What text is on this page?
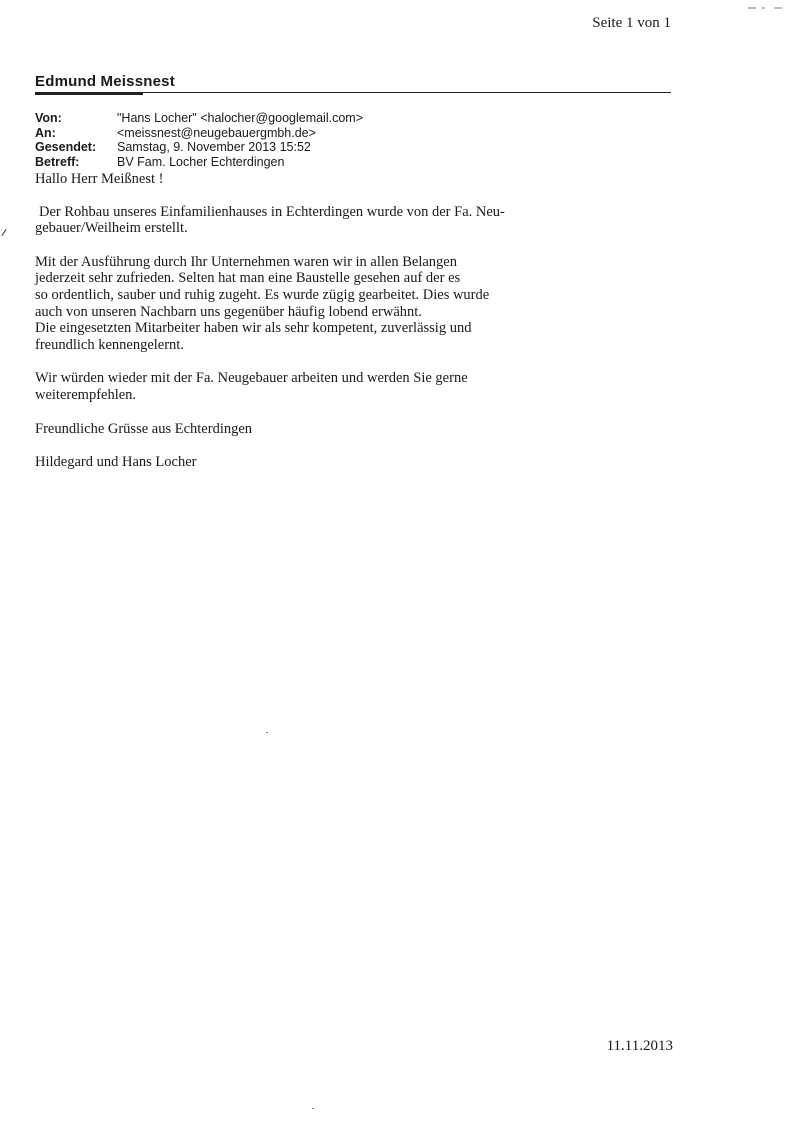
Seite 1 von 1
Edmund Meissnest
Von:	"Hans Locher" <halocher@googlemail.com>
An:	<meissnest@neugebauergmbh.de>
Gesendet:	Samstag, 9. November 2013 15:52
Betreff:	BV Fam. Locher Echterdingen
Hallo Herr Meißnest !
Der Rohbau unseres Einfamilienhauses in Echterdingen wurde von der Fa. Neu-
gebauer/Weilheim erstellt.
Mit der Ausführung durch Ihr Unternehmen waren wir in allen Belangen
jederzeit sehr zufrieden. Selten hat man eine Baustelle gesehen auf der es
so ordentlich, sauber und ruhig zugeht. Es wurde zügig gearbeitet. Dies wurde
auch von unseren Nachbarn uns gegenüber häufig lobend erwähnt.
Die eingesetzten Mitarbeiter haben wir als sehr kompetent, zuverlässig und
freundlich kennengelernt.
Wir würden wieder mit der Fa. Neugebauer arbeiten und werden Sie gerne
weiterempfehlen.
Freundliche Grüsse aus Echterdingen
Hildegard und Hans Locher
11.11.2013
